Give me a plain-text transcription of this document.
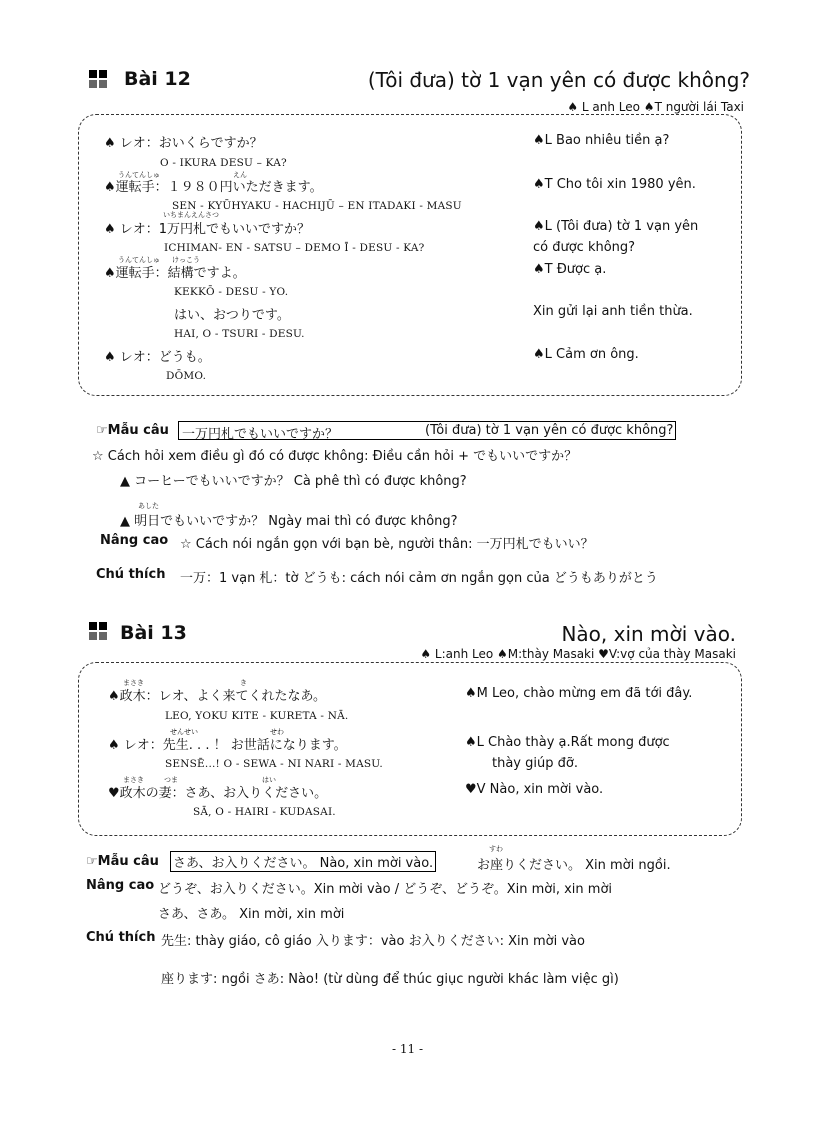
Bài 12	(Tôi đưa) tờ 1 vạn yên có được không?
♠ L anh Leo ♠T người lái Taxi
♠ レオ：おいくらですか？
O - IKURA DESU – KA?
♠L Bao nhiêu tiền ạ?
うんてんしゅ	えん
♠運転手：１９８０円いただきます。
SEN - KYŪHYAKU - HACHIJŪ – EN ITADAKI - MASU
♠T Cho tôi xin 1980 yên.
いちまんえんさつ
♠ レオ：1万円札でもいいですか？
ICHIMAN- EN - SATSU – DEMO Ī - DESU - KA?
♠L (Tôi đưa) tờ 1 vạn yên
có được không?
うんてんしゅ けっこう
♠運転手：結構ですよ。
KEKKŌ - DESU - YO.
♠T Được ạ.
はい、おつりです。
HAI, O - TSURI - DESU.
Xin gửi lại anh tiền thừa.
♠ レオ：どうも。
DŌMO.
♠L Cảm ơn ông.
☞Mẫu câu 一万円札でもいいですか？	(Tôi đưa) tờ 1 vạn yên có được không?
☆ Cách hỏi xem điều gì đó có được không: Điều cần hỏi + でもいいですか？
▲ コーヒーでもいいですか？ Cà phê thì có được không?
あした
▲ 明日でもいいですか？ Ngày mai thì có được không?
Nâng cao ☆ Cách nói ngắn gọn với bạn bè, người thân: 一万円札でもいい？
Chú thích 一万：1 vạn 札：tờ どうも: cách nói cảm ơn ngắn gọn của どうもありがとう
Bài 13	Nào, xin mời vào.
♠ L:anh Leo ♠M:thày Masaki ♥V:vợ của thày Masaki
まさき	き
♠政木：レオ、よく来てくれたなあ。
LEO, YOKU KITE - KURETA - NĀ.
♠M Leo, chào mừng em đã tới đây.
せんせい	せわ
♠ レオ：先生. . . ！ お世話になります。
SENSĒ...! O - SEWA - NI NARI - MASU.
♠L Chào thày ạ.Rất mong được
thày giúp đỡ.
まさき	つま	はい
♥政木の妻：さあ、お入りください。
SĀ, O - HAIRI - KUDASAI.
♥V Nào, xin mời vào.
☞Mẫu câu さあ、お入りください。 Nào, xin mời vào.
すわ
お座りください。 Xin mời ngồi.
Nâng cao どうぞ、お入りください。Xin mời vào / どうぞ、どうぞ。Xin mời, xin mời
さあ、さあ。 Xin mời, xin mời
Chú thích 先生: thày giáo, cô giáo 入ります：vào お入りください: Xin mời vào
座ります: ngồi さあ: Nào! (từ dùng để thúc giục người khác làm việc gì)
- 11 -
